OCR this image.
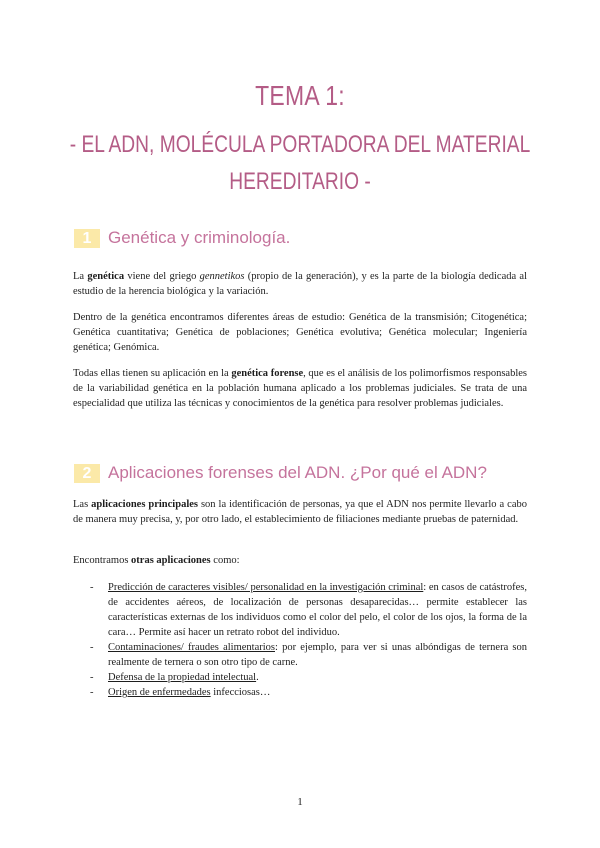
TEMA 1:
- EL ADN, MOLÉCULA PORTADORA DEL MATERIAL
HEREDITARIO -
1 Genética y criminología.

La genética viene del griego gennetikos (propio de la generación), y es la parte de la biología dedicada al estudio de la herencia biológica y la variación.

Dentro de la genética encontramos diferentes áreas de estudio: Genética de la transmisión; Citogenética; Genética cuantitativa; Genética de poblaciones; Genética evolutiva; Genética molecular; Ingeniería genética; Genómica.

Todas ellas tienen su aplicación en la genética forense, que es el análisis de los polimorfismos responsables de la variabilidad genética en la población humana aplicado a los problemas judiciales. Se trata de una especialidad que utiliza las técnicas y conocimientos de la genética para resolver problemas judiciales.

2 Aplicaciones forenses del ADN. ¿Por qué el ADN?

Las aplicaciones principales son la identificación de personas, ya que el ADN nos permite llevarlo a cabo de manera muy precisa, y, por otro lado, el establecimiento de filiaciones mediante pruebas de paternidad.

Encontramos otras aplicaciones como:

- Predicción de caracteres visibles/ personalidad en la investigación criminal: en casos de catástrofes, de accidentes aéreos, de localización de personas desaparecidas… permite establecer las características externas de los individuos como el color del pelo, el color de los ojos, la forma de la cara… Permite así hacer un retrato robot del individuo.
- Contaminaciones/ fraudes alimentarios: por ejemplo, para ver si unas albóndigas de ternera son realmente de ternera o son otro tipo de carne.
- Defensa de la propiedad intelectual.
- Origen de enfermedades infecciosas…
1
